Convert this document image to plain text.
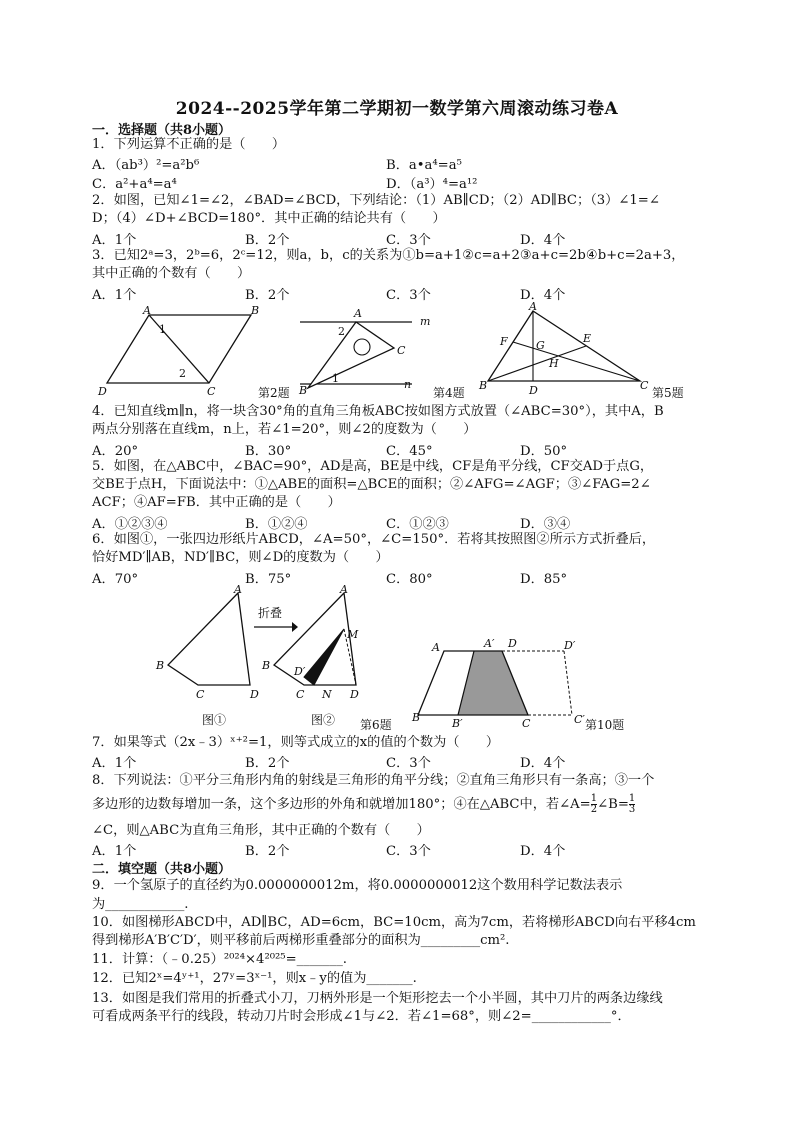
2024--2025学年第二学期初一数学第六周滚动练习卷A
一．选择题（共8小题）
1．下列运算不正确的是（　　）
A．（ab³）²=a²b⁶	B．a•a⁴=a⁵
C．a²+a⁴=a⁴	D．（a³）⁴=a¹²
2．如图，已知∠1=∠2，∠BAD=∠BCD，下列结论：（1）AB∥CD；（2）AD∥BC；（3）∠1=∠
D；（4）∠D+∠BCD=180°．其中正确的结论共有（　　）
A．1个	B．2个	C．3个	D．4个
3．已知2ᵃ=3，2ᵇ=6，2ᶜ=12，则a，b，c的关系为①b=a+1②c=a+2③a+c=2b④b+c=2a+3，
其中正确的个数有（　　）
A．1个	B．2个	C．3个	D．4个
A	B
D	C
1
2
第2题
A
m
n
B
C
2
1
第4题
A
B	C
D
E
F	G
H
第5题
4．已知直线m∥n，将一块含30°角的直角三角板ABC按如图方式放置（∠ABC=30°），其中A，B
两点分别落在直线m，n上，若∠1=20°，则∠2的度数为（　　）
A．20°	B．30°	C．45°	D．50°
5．如图，在△ABC中，∠BAC=90°，AD是高，BE是中线，CF是角平分线，CF交AD于点G，
交BE于点H，下面说法中：①△ABE的面积=△BCE的面积；②∠AFG=∠AGF；③∠FAG=2∠
ACF；④AF=FB．其中正确的是（　　）
A．①②③④	B．①②④	C．①②③	D．③④
6．如图①，一张四边形纸片ABCD，∠A=50°，∠C=150°．若将其按照图②所示方式折叠后，
恰好MD′∥AB，ND′∥BC，则∠D的度数为（　　）
A．70°	B．75°	C．80°	D．85°
A
B
C	D
图①
折叠
A
B
C N D
M
D′
图② 第6题
A	A′ D	D′
B	B′	C	C′ 第10题
7．如果等式（2x﹣3）ˣ⁺²=1，则等式成立的x的值的个数为（　　）
A．1个	B．2个	C．3个	D．4个
8．下列说法：①平分三角形内角的射线是三角形的角平分线；②直角三角形只有一条高；③一个
多边形的边数每增加一条，这个多边形的外角和就增加180°；④在△ABC中，若∠A= $\frac{1}{2}$ ∠B= $\frac{1}{3}$
∠C，则△ABC为直角三角形，其中正确的个数有（　　）
A．1个	B．2个	C．3个	D．4个
二．填空题（共8小题）
9．一个氢原子的直径约为0.0000000012m，将0.0000000012这个数用科学记数法表示
为____________.
10．如图梯形ABCD中，AD∥BC，AD=6cm，BC=10cm，高为7cm，若将梯形ABCD向右平移4cm
得到梯形A′B′C′D′，则平移前后两梯形重叠部分的面积为_________cm².
11．计算：（﹣0.25）²⁰²⁴×4²⁰²⁵=_______.
12．已知2ˣ=4ʸ⁺¹，27ʸ=3ˣ⁻¹，则x﹣y的值为_______.
13．如图是我们常用的折叠式小刀，刀柄外形是一个矩形挖去一个小半圆，其中刀片的两条边缘线
可看成两条平行的线段，转动刀片时会形成∠1与∠2．若∠1=68°，则∠2=____________°．
